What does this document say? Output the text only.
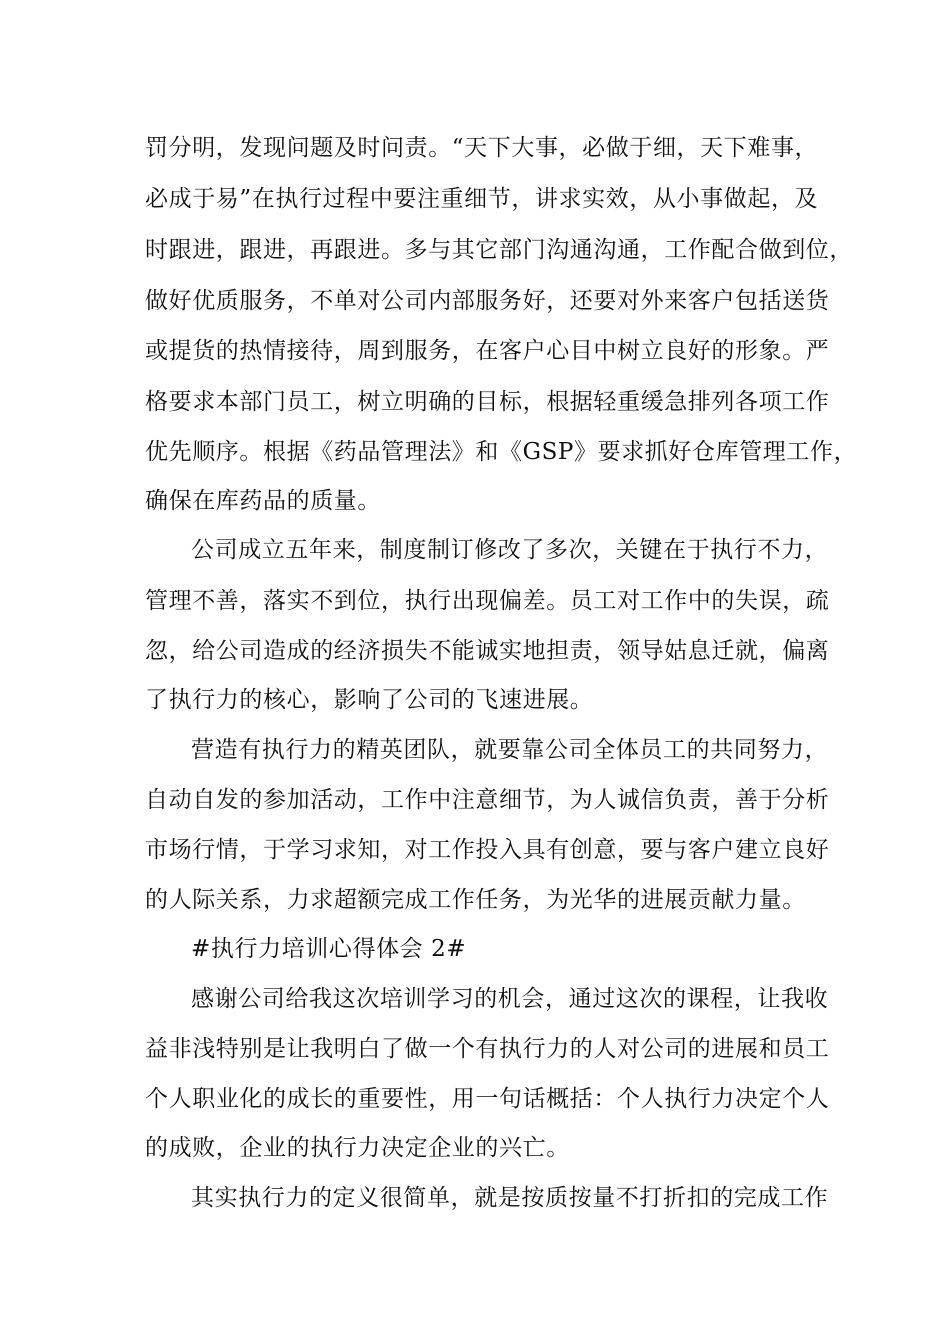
罚分明，发现问题及时问责。“天下大事，必做于细，天下难事，
必成于易”在执行过程中要注重细节，讲求实效，从小事做起，及
时跟进，跟进，再跟进。多与其它部门沟通沟通，工作配合做到位，
做好优质服务，不单对公司内部服务好，还要对外来客户包括送货
或提货的热情接待，周到服务，在客户心目中树立良好的形象。严
格要求本部门员工，树立明确的目标，根据轻重缓急排列各项工作
优先顺序。根据《药品管理法》和《GSP》要求抓好仓库管理工作，
确保在库药品的质量。
公司成立五年来，制度制订修改了多次，关键在于执行不力，
管理不善，落实不到位，执行出现偏差。员工对工作中的失误，疏
忽，给公司造成的经济损失不能诚实地担责，领导姑息迁就，偏离
了执行力的核心，影响了公司的飞速进展。
营造有执行力的精英团队，就要靠公司全体员工的共同努力，
自动自发的参加活动，工作中注意细节，为人诚信负责，善于分析
市场行情，于学习求知，对工作投入具有创意，要与客户建立良好
的人际关系，力求超额完成工作任务，为光华的进展贡献力量。
#执行力培训心得体会 2#
感谢公司给我这次培训学习的机会，通过这次的课程，让我收
益非浅特别是让我明白了做一个有执行力的人对公司的进展和员工
个人职业化的成长的重要性，用一句话概括：个人执行力决定个人
的成败，企业的执行力决定企业的兴亡。
其实执行力的定义很简单，就是按质按量不打折扣的完成工作
